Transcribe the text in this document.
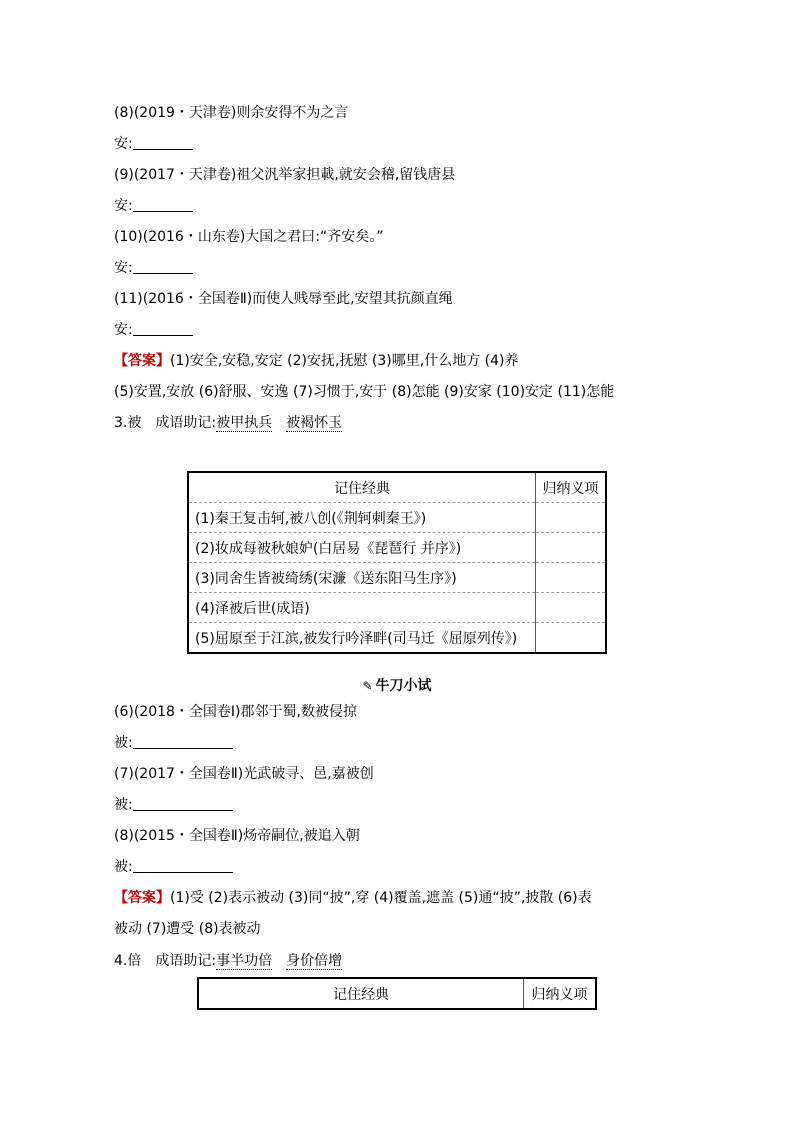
(8)(2019・天津卷)则余安得不为之言
安:
(9)(2017・天津卷)祖父汎举家担載,就安会稽,留钱唐县
安:
(10)(2016・山东卷)大国之君曰:“齐安矣。”
安:
(11)(2016・全国卷Ⅱ)而使人贱辱至此,安望其抗颜直绳
安:
【答案】(1)安全,安稳,安定 (2)安抚,抚慰 (3)哪里,什么地方 (4)养
(5)安置,安放 (6)舒服、安逸 (7)习惯于,安于 (8)怎能 (9)安家 (10)安定 (11)怎能
3.被　成语助记:被甲执兵　 被褐怀玉
记住经典	归纳义项
(1)秦王复击轲,被八创(《荆轲刺秦王》)	
(2)妆成每被秋娘妒(白居易《琵琶行 并序》)	
(3)同舍生皆被绮绣(宋濂《送东阳马生序》)	
(4)泽被后世(成语)	
(5)屈原至于江滨,被发行吟泽畔(司马迁《屈原列传》)	
✎ 牛刀小试
(6)(2018・全国卷Ⅰ)郡邻于蜀,数被侵掠
被:
(7)(2017・全国卷Ⅱ)光武破寻、邑,嘉被创
被:
(8)(2015・全国卷Ⅱ)炀帝嗣位,被追入朝
被:
【答案】(1)受 (2)表示被动 (3)同“披”,穿 (4)覆盖,遮盖 (5)通“披”,披散 (6)表
被动 (7)遭受 (8)表被动
4.倍　成语助记:事半功倍　 身价倍增
记住经典	归纳义项
